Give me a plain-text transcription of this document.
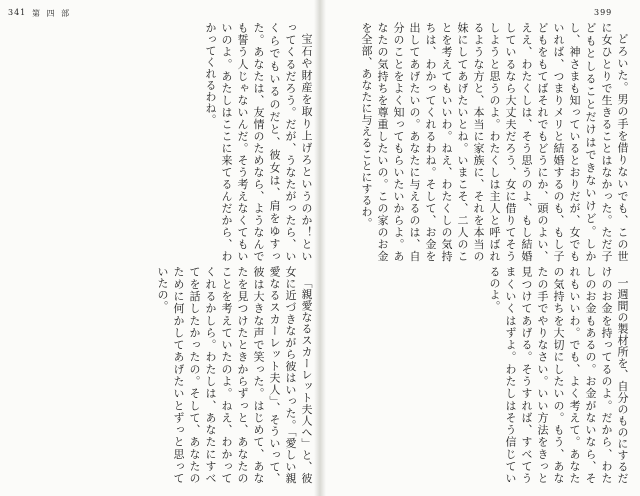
341 第 四 部	399

どろいた。男の手を借りないでも、この世に女ひとりで生きることはなかった。ただ子どもとしることだけはできないけど。しかし、神さまも知っているとおりだが、女でもいれば、つまりメリと結婚するのも、もし子どもをもてばそれでもどうにか、頭のよい、ええ、わたくしは、そう思うのよ、もし結婚しているなら大丈夫だろう、女に借りてそうしようと思うのよ。わたくしは主人と呼ばれるような方と、本当に家族に、それを本当の妹にしてあげたいとね。いまこそ、二人のことを考えてもいいわ。ねえ、わたくしの気持ちは、わかってくれるわね。そして、お金を出してあげたいの。あなたに与えるのは、自分のことをよく知ってもらいたいからよ。あなたの気持ちを尊重したいの。この家のお金を全部、あなたに与えることにするわ。

一週間の製材所を、自分のものにするだけのお金を持ってるのよ。だから、わたしのお金もあるの。お金がないなら、それもいいわ。でも、よく考えて。あなたの気持ちを大切にしたいの。もう、あなたの手でやりなさい。いい方法をきっと見つけてあげる。そうすれば、すべてうまくいくはずよ。わたしはそう信じているのよ。

宝石や財産を取り上げろというのか！といってくるだろう。だが、うなたがったら、いくらでもいるのだと、彼女は、肩をゆすった。あなたは、友情のためなら、ようなんでも誓う人じゃないんだ。そう考えなくてもいいのよ。あたしはここに来てるんだから、わかってくれるわね。

「親愛なるスカーレット夫人へ」と、彼女に近づきながら彼はいった。「愛しい親愛なるスカーレット夫人」、そういって、彼は大きな声で笑った。はじめて、あなたを見つけたときからずっと、あなたのことを考えていたのよ。ねえ、わかってくれるかしら。わたしは、あなたにすべてを話したかったの。そして、あなたのために何かしてあげたいとずっと思っていたの。
